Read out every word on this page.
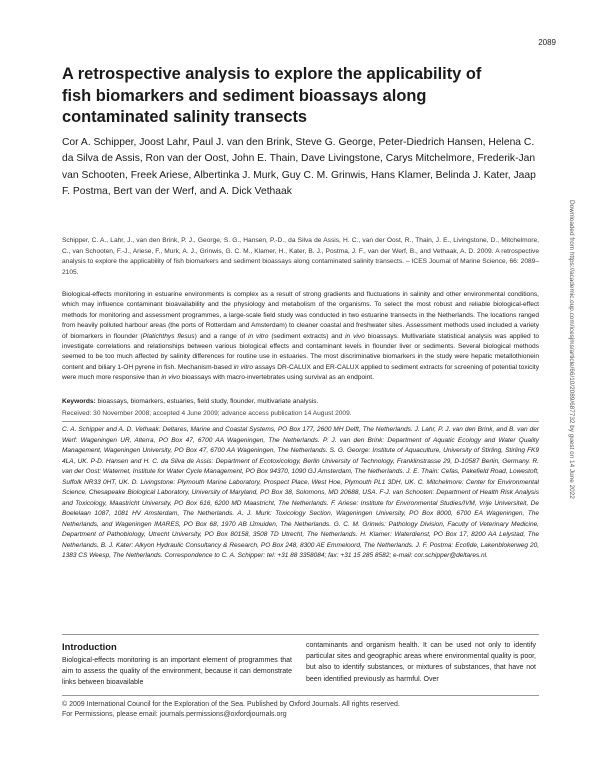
2089
A retrospective analysis to explore the applicability of fish biomarkers and sediment bioassays along contaminated salinity transects

Cor A. Schipper, Joost Lahr, Paul J. van den Brink, Steve G. George, Peter-Diedrich Hansen, Helena C. da Silva de Assis, Ron van der Oost, John E. Thain, Dave Livingstone, Carys Mitchelmore, Frederik-Jan van Schooten, Freek Ariese, Albertinka J. Murk, Guy C. M. Grinwis, Hans Klamer, Belinda J. Kater, Jaap F. Postma, Bert van der Werf, and A. Dick Vethaak

Schipper, C. A., Lahr, J., van den Brink, P. J., George, S. G., Hansen, P.-D., da Silva de Assis, H. C., van der Oost, R., Thain, J. E., Livingstone, D., Mitchelmore, C., van Schooten, F.-J., Ariese, F., Murk, A. J., Grinwis, G. C. M., Klamer, H., Kater, B. J., Postma, J. F., van der Werf, B., and Vethaak, A. D. 2009. A retrospective analysis to explore the applicability of fish biomarkers and sediment bioassays along contaminated salinity transects. – ICES Journal of Marine Science, 66: 2089–2105.

Biological-effects monitoring in estuarine environments is complex as a result of strong gradients and fluctuations in salinity and other environmental conditions, which may influence contaminant bioavailability and the physiology and metabolism of the organisms. To select the most robust and reliable biological-effect methods for monitoring and assessment programmes, a large-scale field study was conducted in two estuarine transects in the Netherlands. The locations ranged from heavily polluted harbour areas (the ports of Rotterdam and Amsterdam) to cleaner coastal and freshwater sites. Assessment methods used included a variety of biomarkers in flounder (Platichthys flesus) and a range of in vitro (sediment extracts) and in vivo bioassays. Multivariate statistical analysis was applied to investigate correlations and relationships between various biological effects and contaminant levels in flounder liver or sediments. Several biological methods seemed to be too much affected by salinity differences for routine use in estuaries. The most discriminative biomarkers in the study were hepatic metallothionein content and biliary 1-OH pyrene in fish. Mechanism-based in vitro assays DR-CALUX and ER-CALUX applied to sediment extracts for screening of potential toxicity were much more responsive than in vivo bioassays with macro-invertebrates using survival as an endpoint.

Keywords: bioassays, biomarkers, estuaries, field study, flounder, multivariate analysis.

Received: 30 November 2008; accepted 4 June 2009; advance access publication 14 August 2009.

C. A. Schipper and A. D. Vethaak: Deltares, Marine and Coastal Systems, PO Box 177, 2600 MH Delft, The Netherlands. J. Lahr, P. J. van den Brink, and B. van der Werf: Wageningen UR, Alterra, PO Box 47, 6700 AA Wageningen, The Netherlands. P. J. van den Brink: Department of Aquatic Ecology and Water Quality Management, Wageningen University, PO Box 47, 6700 AA Wageningen, The Netherlands. S. G. George: Institute of Aquaculture, University of Stirling, Stirling FK9 4LA, UK. P-D. Hansen and H. C. da Silva de Assis: Department of Ecotoxicology, Berlin University of Technology, Franklinstrasse 29, D-10587 Berlin, Germany. R. van der Oost: Waternet, Institute for Water Cycle Management, PO Box 94370, 1090 GJ Amsterdam, The Netherlands. J. E. Thain: Cefas, Pakefield Road, Lowestoft, Suffolk NR33 0HT, UK. D. Livingstone: Plymouth Marine Laboratory, Prospect Place, West Hoe, Plymouth PL1 3DH, UK. C. Mitchelmore: Center for Environmental Science, Chesapeake Biological Laboratory, University of Maryland, PO Box 38, Solomons, MD 20688, USA. F-J. van Schooten: Department of Health Risk Analysis and Toxicology, Maastricht University, PO Box 616, 6200 MD Maastricht, The Netherlands. F. Ariese: Institute for Environmental Studies/IVM, Vrije Universiteit, De Boelelaan 1087, 1081 HV Amsterdam, The Netherlands. A. J. Murk: Toxicology Section, Wageningen University, PO Box 8000, 6700 EA Wageningen, The Netherlands, and Wageningen IMARES, PO Box 68, 1970 AB IJmuiden, The Netherlands. G. C. M. Grinwis: Pathology Division, Faculty of Veterinary Medicine, Department of Pathobiology, Utrecht University, PO Box 80158, 3508 TD Utrecht, The Netherlands. H. Klamer: Waterdienst, PO Box 17, 8200 AA Lelystad, The Netherlands. B. J. Kater: Alkyon Hydraulic Consultancy & Research, PO Box 248, 8300 AE Emmeloord, The Netherlands. J. F. Postma: Ecofide, Lakenblokerweg 20, 1383 CS Weesp, The Netherlands. Correspondence to C. A. Schipper: tel: +31 88 3358084; fax: +31 15 285 8582; e-mail: cor.schipper@deltares.nl.

Introduction

Biological-effects monitoring is an important element of programmes that aim to assess the quality of the environment, because it can demonstrate links between bioavailable

contaminants and organism health. It can be used not only to identify particular sites and geographic areas where environmental quality is poor, but also to identify substances, or mixtures of substances, that have not been identified previously as harmful. Over

© 2009 International Council for the Exploration of the Sea. Published by Oxford Journals. All rights reserved.
For Permissions, please email: journals.permissions@oxfordjournals.org
Downloaded from https://academic.oup.com/icesjms/article/66/10/2089/687732 by guest on 14 June 2022
